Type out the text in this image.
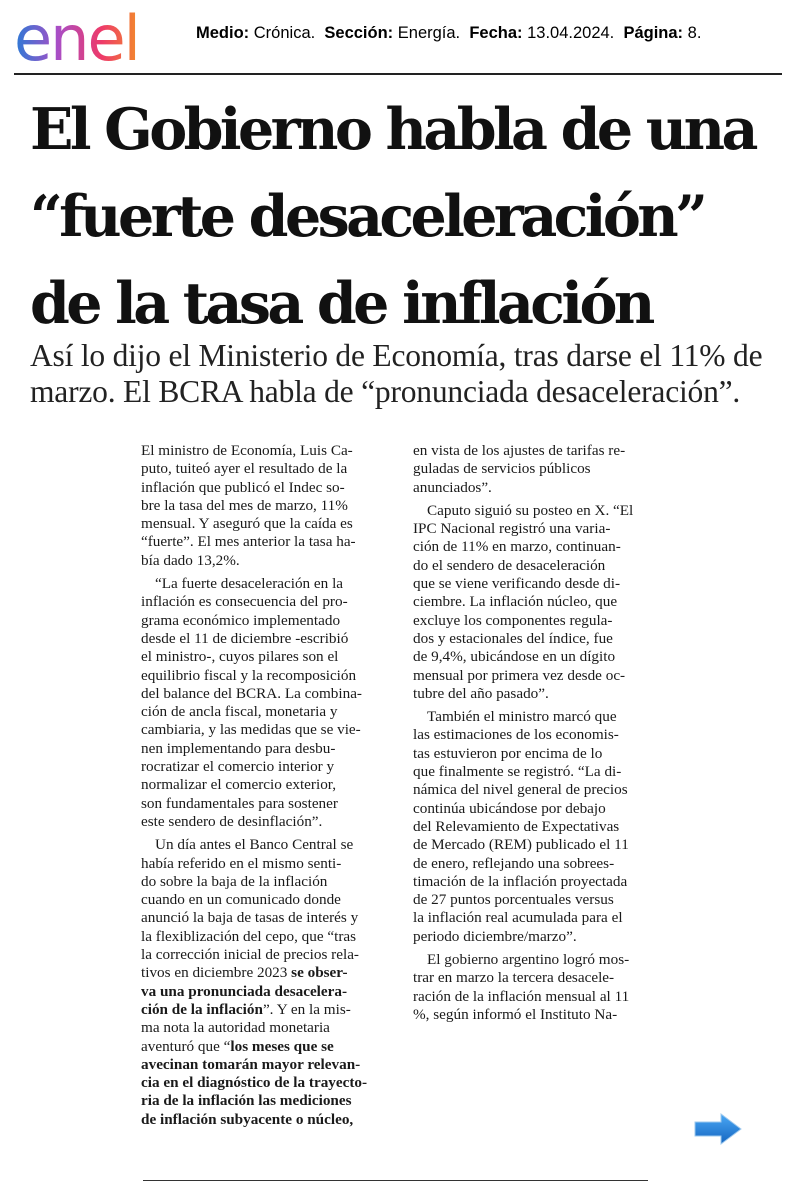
enel	Medio: Crónica. Sección: Energía. Fecha: 13.04.2024. Página: 8.
El Gobierno habla de una
“fuerte desaceleración”
de la tasa de inflación
Así lo dijo el Ministerio de Economía, tras darse el 11% de
marzo. El BCRA habla de “pronunciada desaceleración”.
El ministro de Economía, Luis Ca-
puto, tuiteó ayer el resultado de la
inflación que publicó el Indec so-
bre la tasa del mes de marzo, 11%
mensual. Y aseguró que la caída es
“fuerte”. El mes anterior la tasa ha-
bía dado 13,2%.
“La fuerte desaceleración en la
inflación es consecuencia del pro-
grama económico implementado
desde el 11 de diciembre -escribió
el ministro-, cuyos pilares son el
equilibrio fiscal y la recomposición
del balance del BCRA. La combina-
ción de ancla fiscal, monetaria y
cambiaria, y las medidas que se vie-
nen implementando para desbu-
rocratizar el comercio interior y
normalizar el comercio exterior,
son fundamentales para sostener
este sendero de desinflación”.
Un día antes el Banco Central se
había referido en el mismo senti-
do sobre la baja de la inflación
cuando en un comunicado donde
anunció la baja de tasas de interés y
la flexiblización del cepo, que “tras
la corrección inicial de precios rela-
tivos en diciembre 2023 se obser-
va una pronunciada desacelera-
ción de la inflación”. Y en la mis-
ma nota la autoridad monetaria
aventuró que “los meses que se
avecinan tomarán mayor relevan-
cia en el diagnóstico de la trayecto-
ria de la inflación las mediciones
de inflación subyacente o núcleo,
en vista de los ajustes de tarifas re-
guladas de servicios públicos
anunciados”.
Caputo siguió su posteo en X. “El
IPC Nacional registró una varia-
ción de 11% en marzo, continuan-
do el sendero de desaceleración
que se viene verificando desde di-
ciembre. La inflación núcleo, que
excluye los componentes regula-
dos y estacionales del índice, fue
de 9,4%, ubicándose en un dígito
mensual por primera vez desde oc-
tubre del año pasado”.
También el ministro marcó que
las estimaciones de los economis-
tas estuvieron por encima de lo
que finalmente se registró. “La di-
námica del nivel general de precios
continúa ubicándose por debajo
del Relevamiento de Expectativas
de Mercado (REM) publicado el 11
de enero, reflejando una sobrees-
timación de la inflación proyectada
de 27 puntos porcentuales versus
la inflación real acumulada para el
periodo diciembre/marzo”.
El gobierno argentino logró mos-
trar en marzo la tercera desacele-
ración de la inflación mensual al 11
%, según informó el Instituto Na-
